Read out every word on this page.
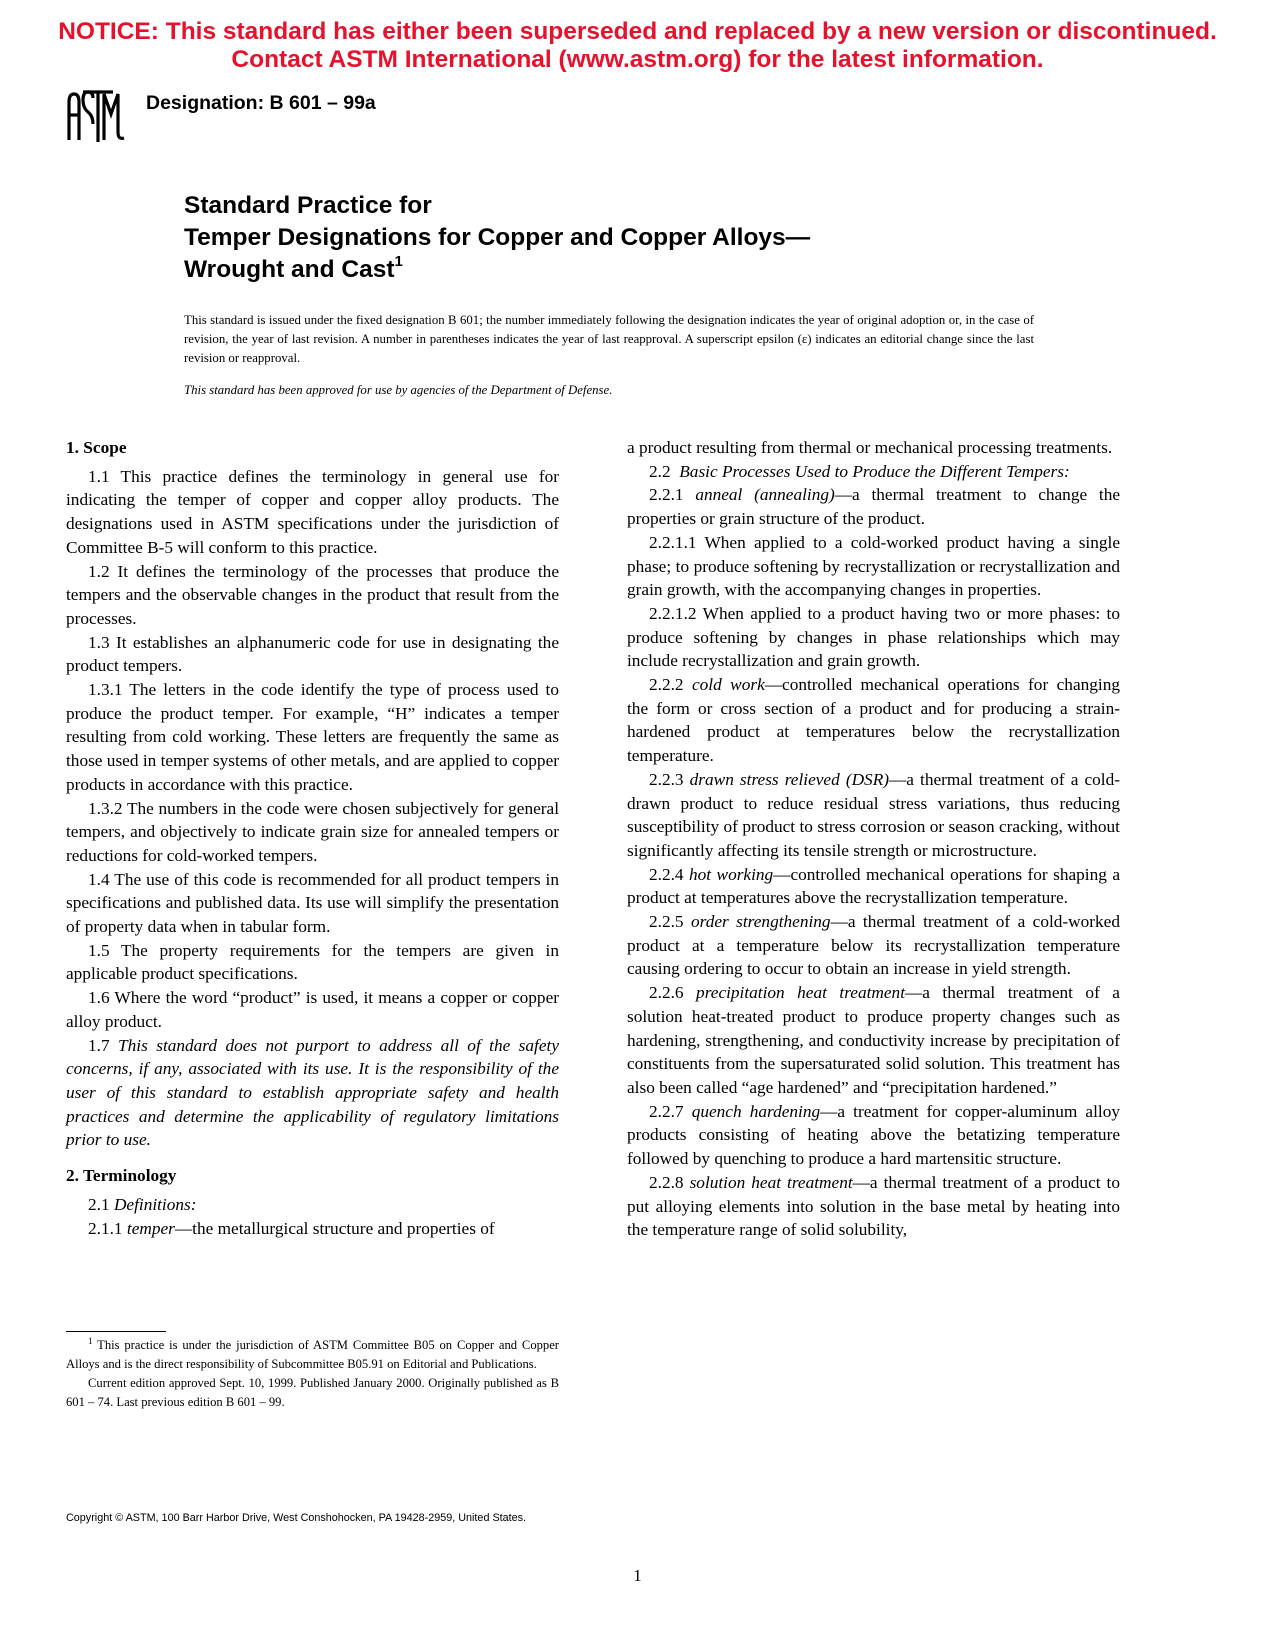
NOTICE: This standard has either been superseded and replaced by a new version or discontinued.
Contact ASTM International (www.astm.org) for the latest information.
Designation: B 601 – 99a
Standard Practice for
Temper Designations for Copper and Copper Alloys—
Wrought and Cast$^1$
This standard is issued under the fixed designation B 601; the number immediately following the designation indicates the year of original adoption or, in the case of revision, the year of last revision. A number in parentheses indicates the year of last reapproval. A superscript epsilon (ε) indicates an editorial change since the last revision or reapproval.
This standard has been approved for use by agencies of the Department of Defense.
1. Scope

1.1 This practice defines the terminology in general use for indicating the temper of copper and copper alloy products. The designations used in ASTM specifications under the jurisdiction of Committee B-5 will conform to this practice.

1.2 It defines the terminology of the processes that produce the tempers and the observable changes in the product that result from the processes.

1.3 It establishes an alphanumeric code for use in designating the product tempers.

1.3.1 The letters in the code identify the type of process used to produce the product temper. For example, “H” indicates a temper resulting from cold working. These letters are frequently the same as those used in temper systems of other metals, and are applied to copper products in accordance with this practice.

1.3.2 The numbers in the code were chosen subjectively for general tempers, and objectively to indicate grain size for annealed tempers or reductions for cold-worked tempers.

1.4 The use of this code is recommended for all product tempers in specifications and published data. Its use will simplify the presentation of property data when in tabular form.

1.5 The property requirements for the tempers are given in applicable product specifications.

1.6 Where the word “product” is used, it means a copper or copper alloy product.

1.7 This standard does not purport to address all of the safety concerns, if any, associated with its use. It is the responsibility of the user of this standard to establish appropriate safety and health practices and determine the applicability of regulatory limitations prior to use.

2. Terminology

2.1 Definitions:

2.1.1 temper—the metallurgical structure and properties of

a product resulting from thermal or mechanical processing treatments.

2.2 Basic Processes Used to Produce the Different Tempers:

2.2.1 anneal (annealing)—a thermal treatment to change the properties or grain structure of the product.

2.2.1.1 When applied to a cold-worked product having a single phase; to produce softening by recrystallization or recrystallization and grain growth, with the accompanying changes in properties.

2.2.1.2 When applied to a product having two or more phases: to produce softening by changes in phase relationships which may include recrystallization and grain growth.

2.2.2 cold work—controlled mechanical operations for changing the form or cross section of a product and for producing a strain-hardened product at temperatures below the recrystallization temperature.

2.2.3 drawn stress relieved (DSR)—a thermal treatment of a cold-drawn product to reduce residual stress variations, thus reducing susceptibility of product to stress corrosion or season cracking, without significantly affecting its tensile strength or microstructure.

2.2.4 hot working—controlled mechanical operations for shaping a product at temperatures above the recrystallization temperature.

2.2.5 order strengthening—a thermal treatment of a cold-worked product at a temperature below its recrystallization temperature causing ordering to occur to obtain an increase in yield strength.

2.2.6 precipitation heat treatment—a thermal treatment of a solution heat-treated product to produce property changes such as hardening, strengthening, and conductivity increase by precipitation of constituents from the supersaturated solid solution. This treatment has also been called “age hardened” and “precipitation hardened.”

2.2.7 quench hardening—a treatment for copper-aluminum alloy products consisting of heating above the betatizing temperature followed by quenching to produce a hard martensitic structure.

2.2.8 solution heat treatment—a thermal treatment of a product to put alloying elements into solution in the base metal by heating into the temperature range of solid solubility,

$^1$ This practice is under the jurisdiction of ASTM Committee B05 on Copper and Copper Alloys and is the direct responsibility of Subcommittee B05.91 on Editorial and Publications.

Current edition approved Sept. 10, 1999. Published January 2000. Originally published as B 601 – 74. Last previous edition B 601 – 99.

Copyright © ASTM, 100 Barr Harbor Drive, West Conshohocken, PA 19428-2959, United States.
1
